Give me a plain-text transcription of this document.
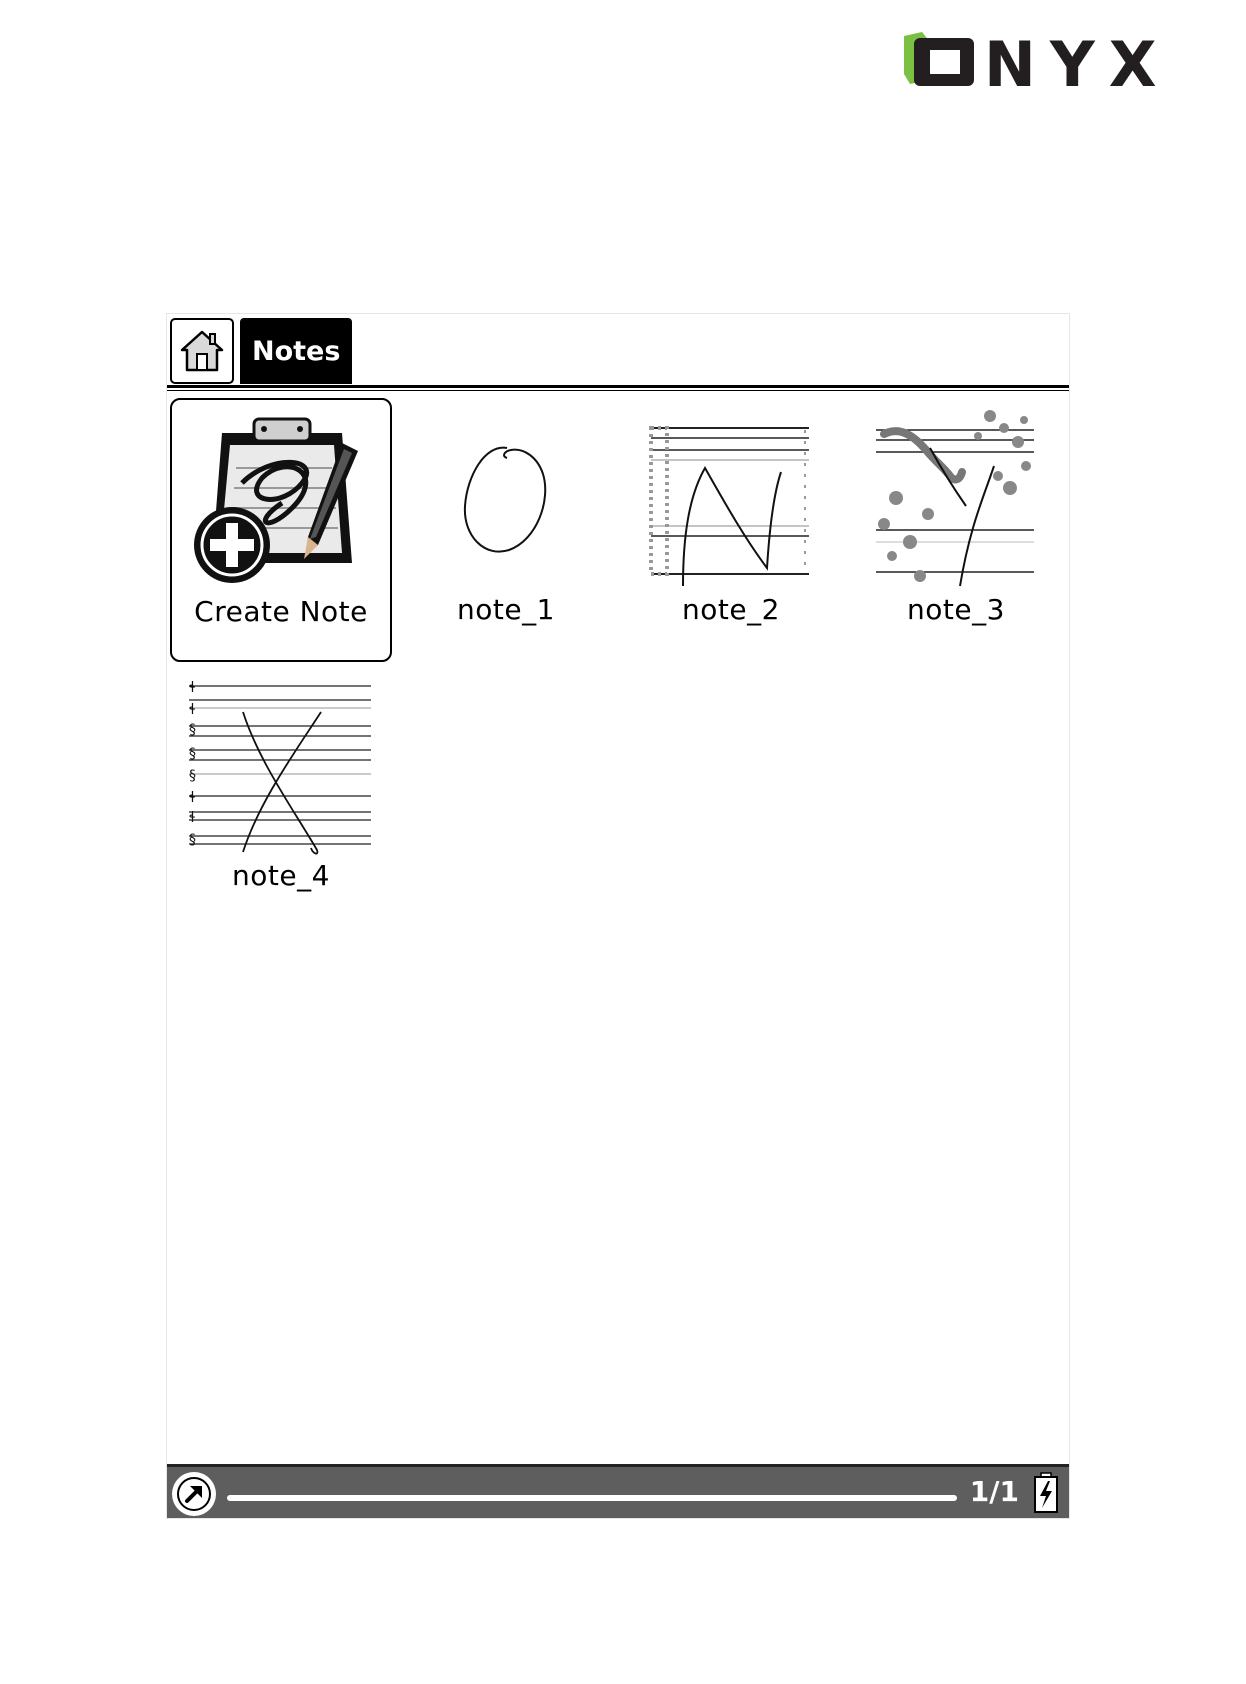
NYX
Notes
Create Note	note_1	note_2	note_3
ɬ
ɬ
§
§
§
ɬ
ɬ
§
note_4
1/1
